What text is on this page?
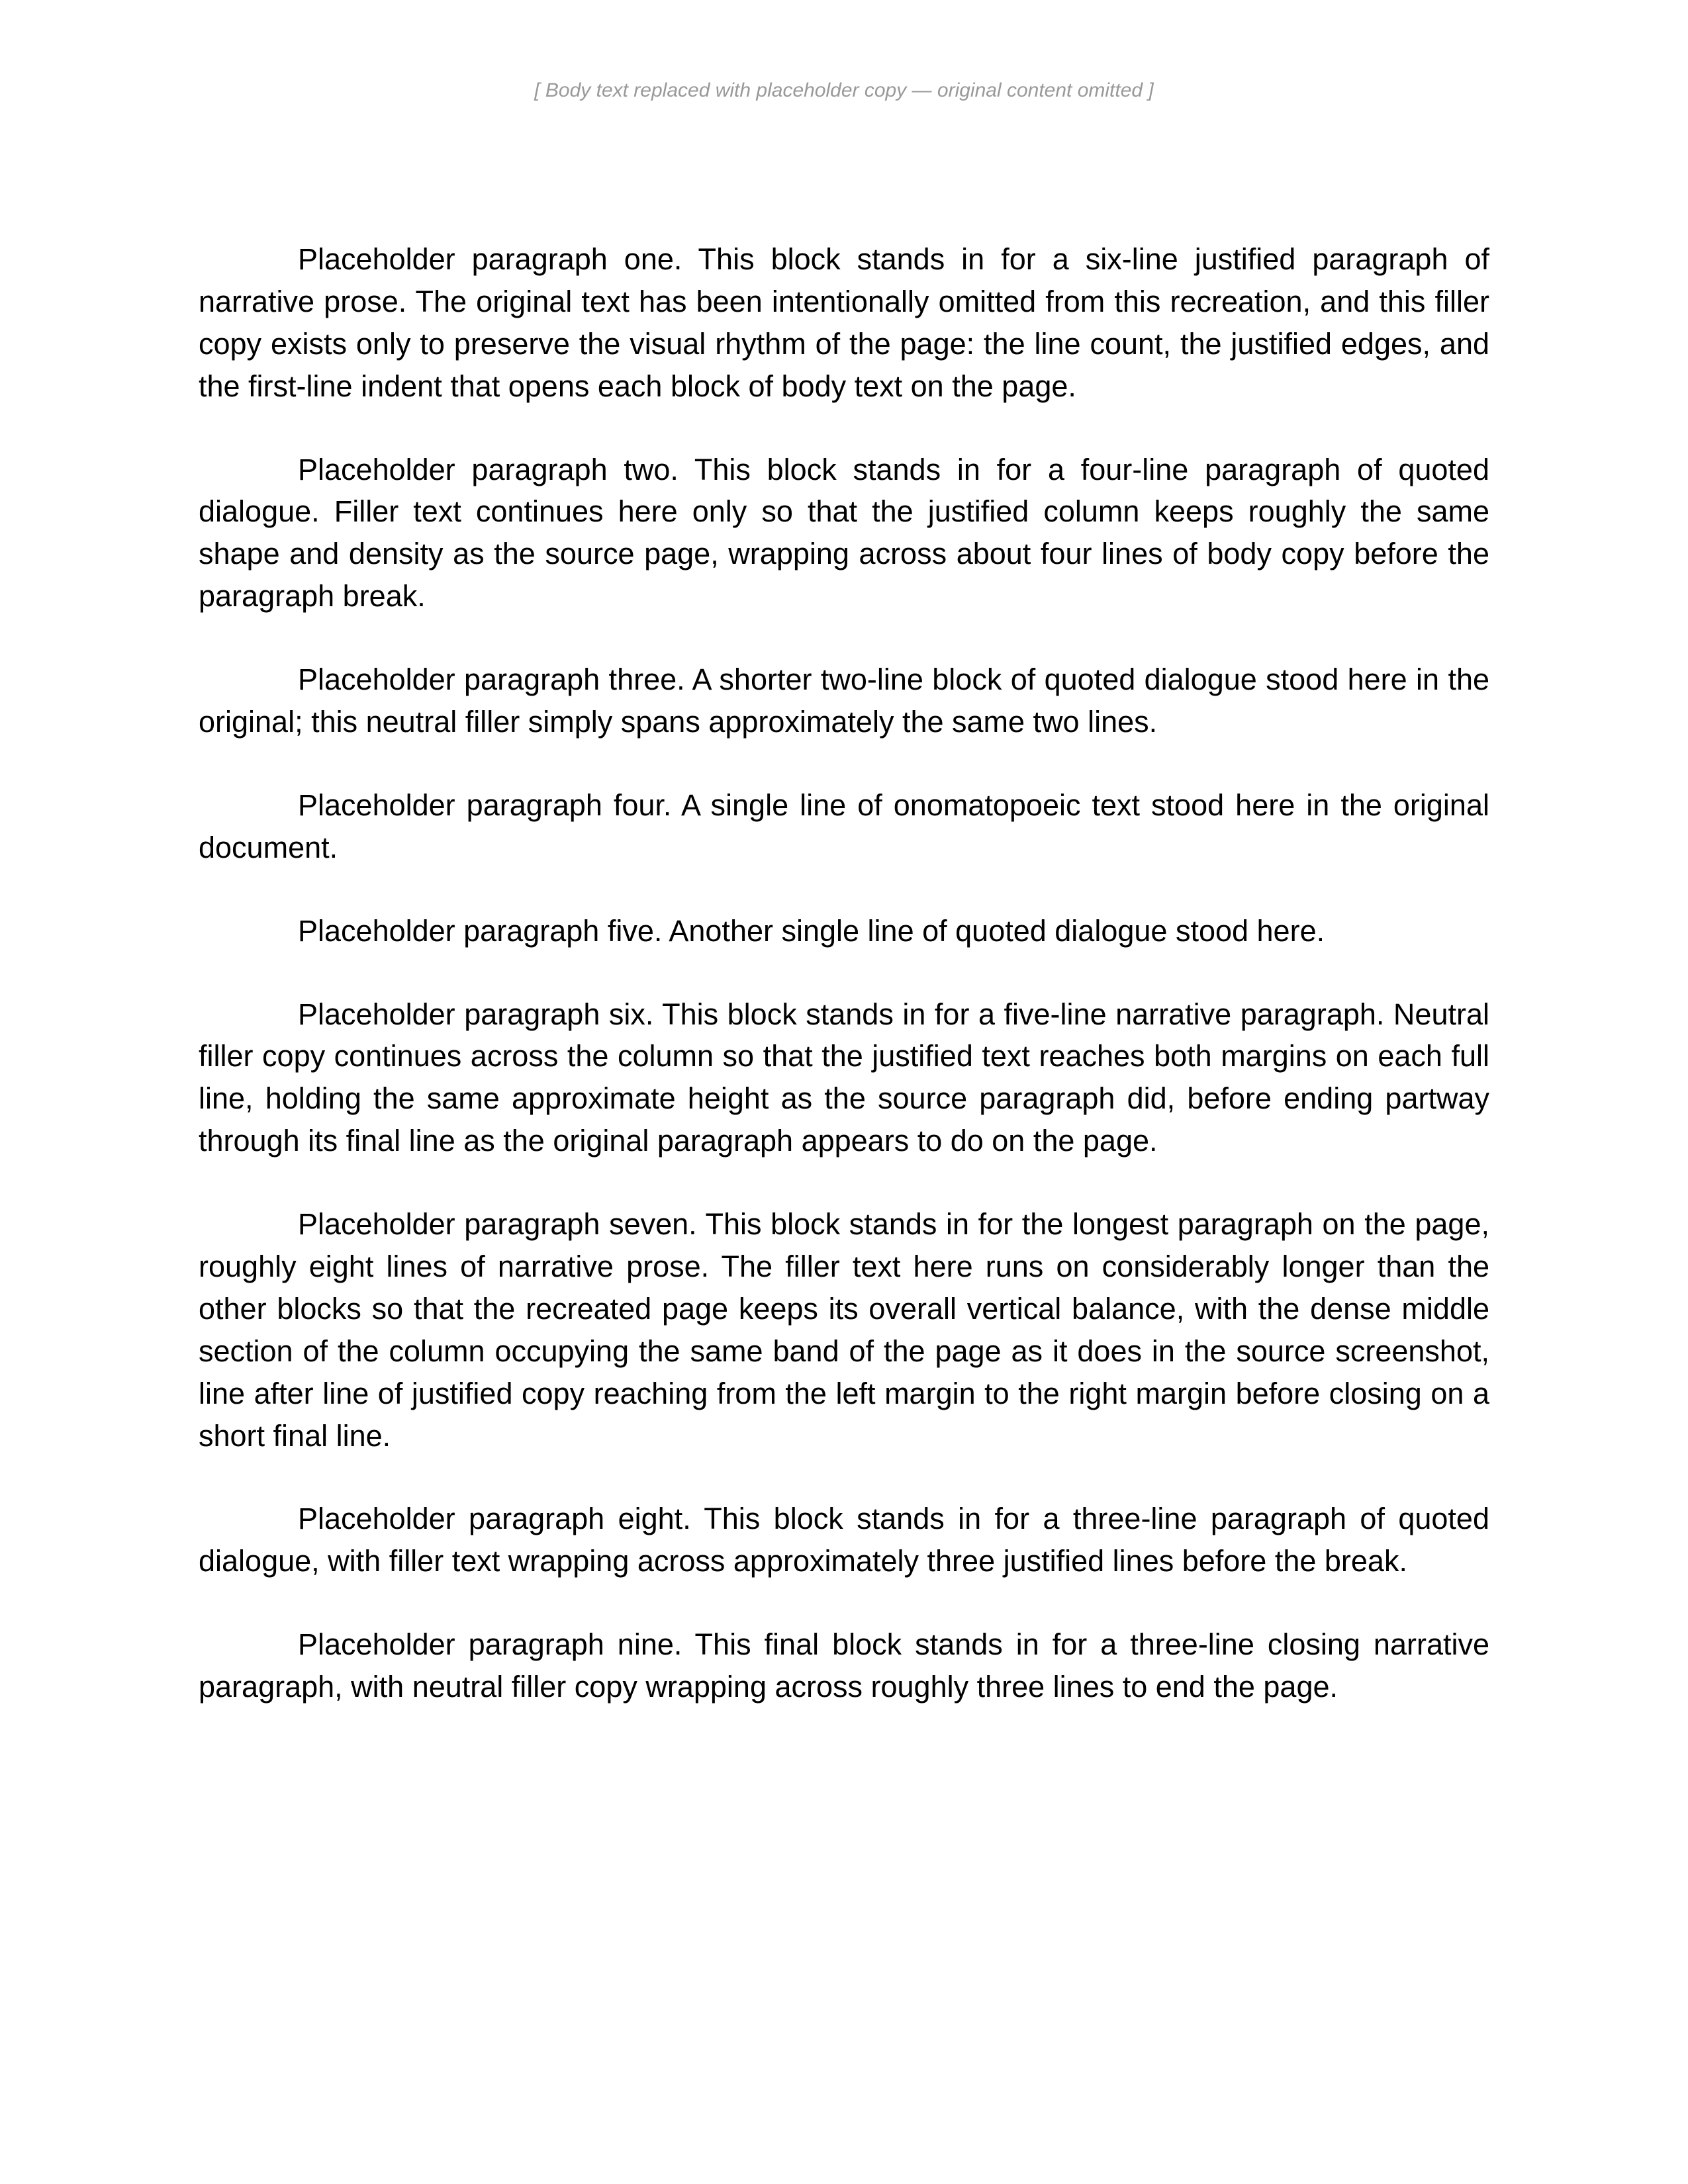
[ Body text replaced with placeholder copy — original content omitted ]

Placeholder paragraph one. This block stands in for a six-line justified paragraph of narrative prose. The original text has been intentionally omitted from this recreation, and this filler copy exists only to preserve the visual rhythm of the page: the line count, the justified edges, and the first-line indent that opens each block of body text on the page.

Placeholder paragraph two. This block stands in for a four-line paragraph of quoted dialogue. Filler text continues here only so that the justified column keeps roughly the same shape and density as the source page, wrapping across about four lines of body copy before the paragraph break.

Placeholder paragraph three. A shorter two-line block of quoted dialogue stood here in the original; this neutral filler simply spans approximately the same two lines.

Placeholder paragraph four. A single line of onomatopoeic text stood here in the original document.

Placeholder paragraph five. Another single line of quoted dialogue stood here.

Placeholder paragraph six. This block stands in for a five-line narrative paragraph. Neutral filler copy continues across the column so that the justified text reaches both margins on each full line, holding the same approximate height as the source paragraph did, before ending partway through its final line as the original paragraph appears to do on the page.

Placeholder paragraph seven. This block stands in for the longest paragraph on the page, roughly eight lines of narrative prose. The filler text here runs on considerably longer than the other blocks so that the recreated page keeps its overall vertical balance, with the dense middle section of the column occupying the same band of the page as it does in the source screenshot, line after line of justified copy reaching from the left margin to the right margin before closing on a short final line.

Placeholder paragraph eight. This block stands in for a three-line paragraph of quoted dialogue, with filler text wrapping across approximately three justified lines before the break.

Placeholder paragraph nine. This final block stands in for a three-line closing narrative paragraph, with neutral filler copy wrapping across roughly three lines to end the page.
